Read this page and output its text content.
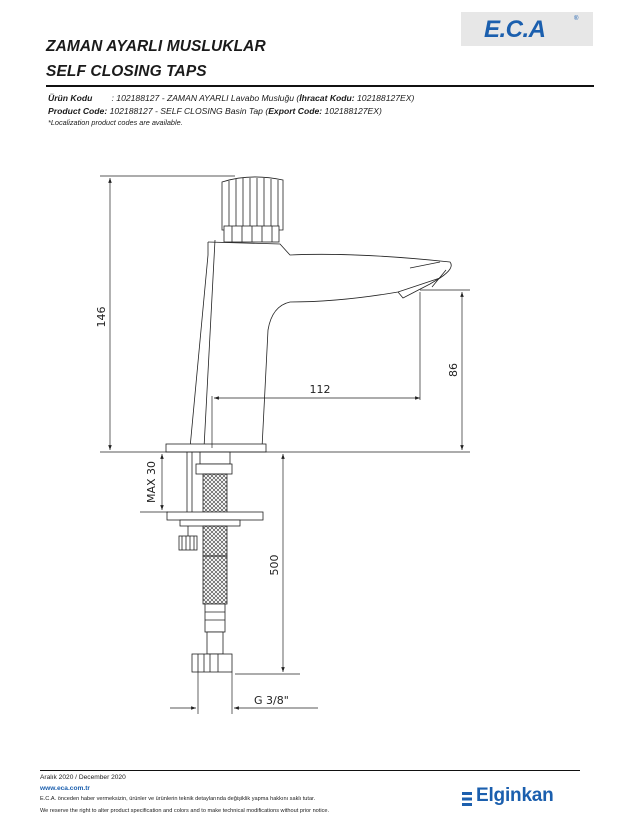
ZAMAN AYARLI MUSLUKLAR
SELF CLOSING TAPS
E.C.A	®
Ürün Kodu : 102188127 - ZAMAN AYARLI Lavabo Musluğu (İhracat Kodu: 102188127EX)
Product Code: 102188127 - SELF CLOSING Basin Tap (Export Code: 102188127EX)
*Localization product codes are available.
146
86
112
MAX 30
500
G 3/8"
Aralık 2020 / December 2020
www.eca.com.tr
E.C.A. önceden haber vermeksizin, ürünler ve ürünlerin teknik detaylarında değişiklik yapma hakkını saklı tutar.
We reserve the right to alter product specification and colors and to make technical modifications without prior notice.
Elginkan
